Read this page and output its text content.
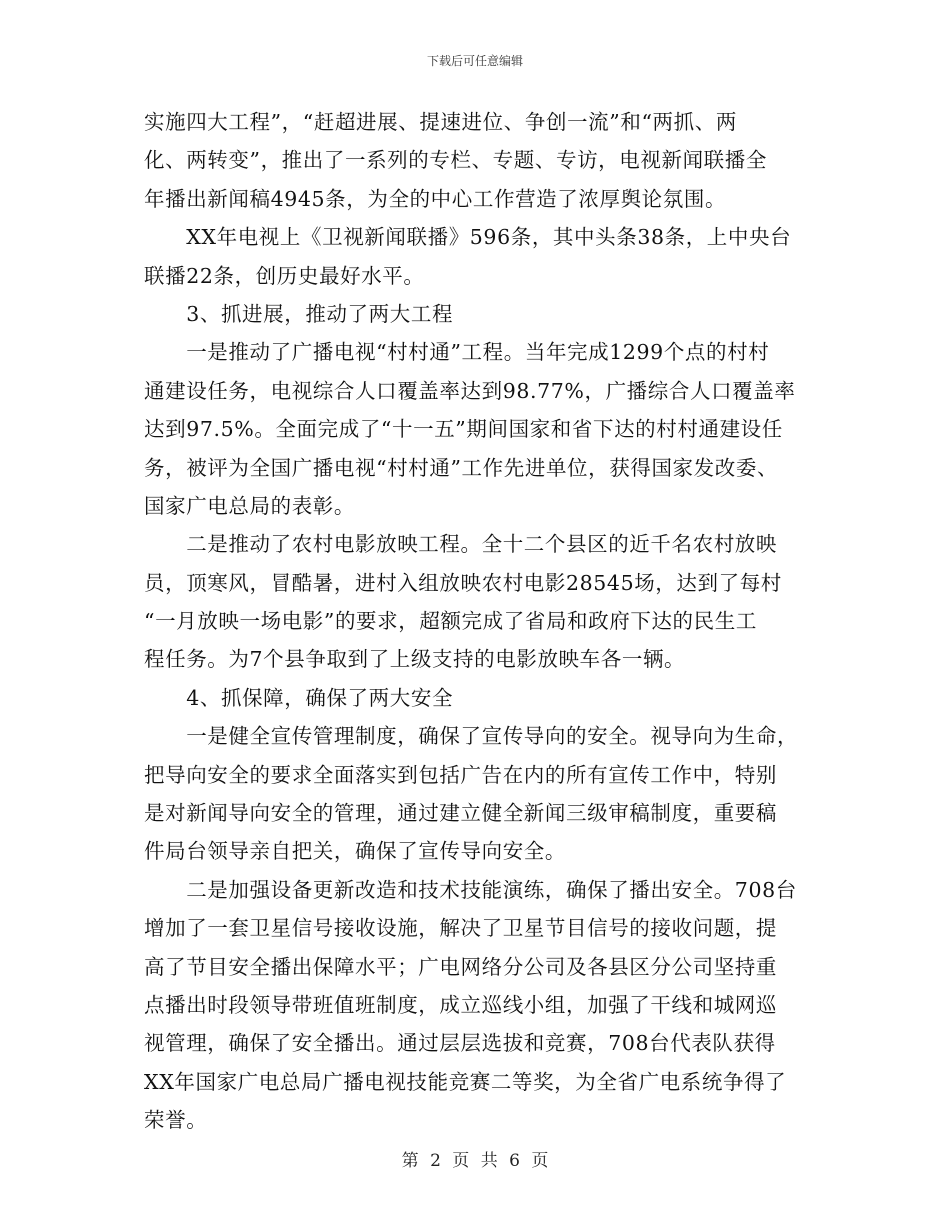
下载后可任意编辑
实施四大工程”，“赶超进展、提速进位、争创一流”和“两抓、两
化、两转变”，推出了一系列的专栏、专题、专访，电视新闻联播全
年播出新闻稿4945条，为全的中心工作营造了浓厚舆论氛围。
　　XX年电视上《卫视新闻联播》596条，其中头条38条，上中央台
联播22条，创历史最好水平。
　　3、抓进展，推动了两大工程
　　一是推动了广播电视“村村通”工程。当年完成1299个点的村村
通建设任务，电视综合人口覆盖率达到98.77%，广播综合人口覆盖率
达到97.5%。全面完成了“十一五”期间国家和省下达的村村通建设任
务，被评为全国广播电视“村村通”工作先进单位，获得国家发改委、
国家广电总局的表彰。
　　二是推动了农村电影放映工程。全十二个县区的近千名农村放映
员，顶寒风，冒酷暑，进村入组放映农村电影28545场，达到了每村
“一月放映一场电影”的要求，超额完成了省局和政府下达的民生工
程任务。为7个县争取到了上级支持的电影放映车各一辆。
　　4、抓保障，确保了两大安全
　　一是健全宣传管理制度，确保了宣传导向的安全。视导向为生命，
把导向安全的要求全面落实到包括广告在内的所有宣传工作中，特别
是对新闻导向安全的管理，通过建立健全新闻三级审稿制度，重要稿
件局台领导亲自把关，确保了宣传导向安全。
　　二是加强设备更新改造和技术技能演练，确保了播出安全。708台
增加了一套卫星信号接收设施，解决了卫星节目信号的接收问题，提
高了节目安全播出保障水平；广电网络分公司及各县区分公司坚持重
点播出时段领导带班值班制度，成立巡线小组，加强了干线和城网巡
视管理，确保了安全播出。通过层层选拔和竞赛，708台代表队获得
XX年国家广电总局广播电视技能竞赛二等奖，为全省广电系统争得了
荣誉。
第 2 页 共 6 页
